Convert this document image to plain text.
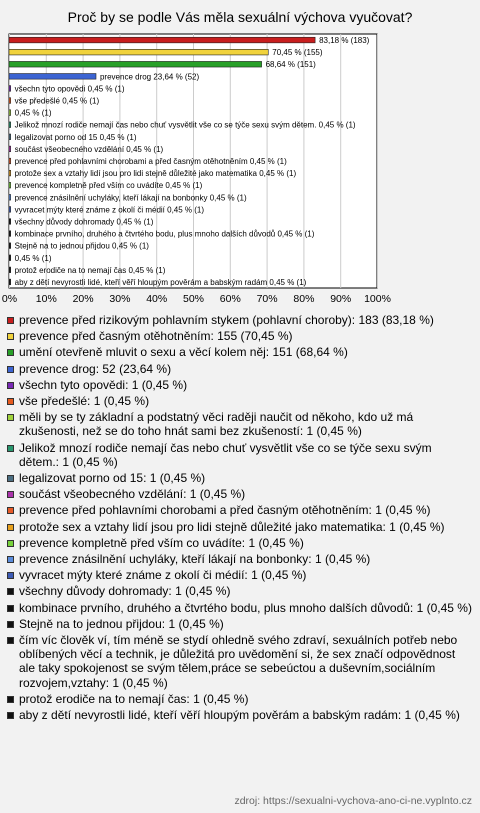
Proč by se podle Vás měla sexuální výchova vyučovat?
0% 10% 20% 30% 40% 50% 60% 70% 80% 90% 100%
83,18 % (183)
70,45 % (155)
68,64 % (151)
prevence drog 23,64 % (52)
všechn tyto opovědi 0,45 % (1)
vše předešlé 0,45 % (1)
0,45 % (1)
Jelikož mnozí rodiče nemají čas nebo chuť vysvětlit vše co se týče sexu svým dětem. 0,45 % (1)
legalizovat porno od 15 0,45 % (1)
součást všeobecného vzdělání 0,45 % (1)
prevence před pohlavními chorobami a před časným otěhotněním 0,45 % (1)
protože sex a vztahy lidí jsou pro lidi stejně důležité jako matematika 0,45 % (1)
prevence kompletně před vším co uvádíte 0,45 % (1)
prevence znásilnění uchyláky, kteří lákají na bonbonky 0,45 % (1)
vyvracet mýty které známe z okolí či médií 0,45 % (1)
všechny důvody dohromady 0,45 % (1)
kombinace prvního, druhého a čtvrtého bodu, plus mnoho dalších důvodů 0,45 % (1)
Stejně na to jednou přijdou 0,45 % (1)
0,45 % (1)
protož erodiče na to nemají čas 0,45 % (1)
aby z dětí nevyrostli lidé, kteří věří hloupým pověrám a babským radám 0,45 % (1)
prevence před rizikovým pohlavním stykem (pohlavní choroby): 183 (83,18 %)
prevence před časným otěhotněním: 155 (70,45 %)
umění otevřeně mluvit o sexu a věcí kolem něj: 151 (68,64 %)
prevence drog: 52 (23,64 %)
všechn tyto opovědi: 1 (0,45 %)
vše předešlé: 1 (0,45 %)
měli by se ty základní a podstatný věci raději naučit od někoho, kdo už má zkušenosti, než se do toho hnát sami bez zkušeností: 1 (0,45 %)
Jelikož mnozí rodiče nemají čas nebo chuť vysvětlit vše co se týče sexu svým dětem.: 1 (0,45 %)
legalizovat porno od 15: 1 (0,45 %)
součást všeobecného vzdělání: 1 (0,45 %)
prevence před pohlavními chorobami a před časným otěhotněním: 1 (0,45 %)
protože sex a vztahy lidí jsou pro lidi stejně důležité jako matematika: 1 (0,45 %)
prevence kompletně před vším co uvádíte: 1 (0,45 %)
prevence znásilnění uchyláky, kteří lákají na bonbonky: 1 (0,45 %)
vyvracet mýty které známe z okolí či médií: 1 (0,45 %)
všechny důvody dohromady: 1 (0,45 %)
kombinace prvního, druhého a čtvrtého bodu, plus mnoho dalších důvodů: 1 (0,45 %)
Stejně na to jednou přijdou: 1 (0,45 %)
čím víc člověk ví, tím méně se stydí ohledně svého zdraví, sexuálních potřeb nebo oblíbených věcí a technik, je důležitá pro uvědomění si, že sex značí odpovědnost ale taky spokojenost se svým tělem,práce se sebeúctou a duševním,sociálním rozvojem,vztahy: 1 (0,45 %)
protož erodiče na to nemají čas: 1 (0,45 %)
aby z dětí nevyrostli lidé, kteří věří hloupým pověrám a babským radám: 1 (0,45 %)
zdroj: https://sexualni-vychova-ano-ci-ne.vyplnto.cz
